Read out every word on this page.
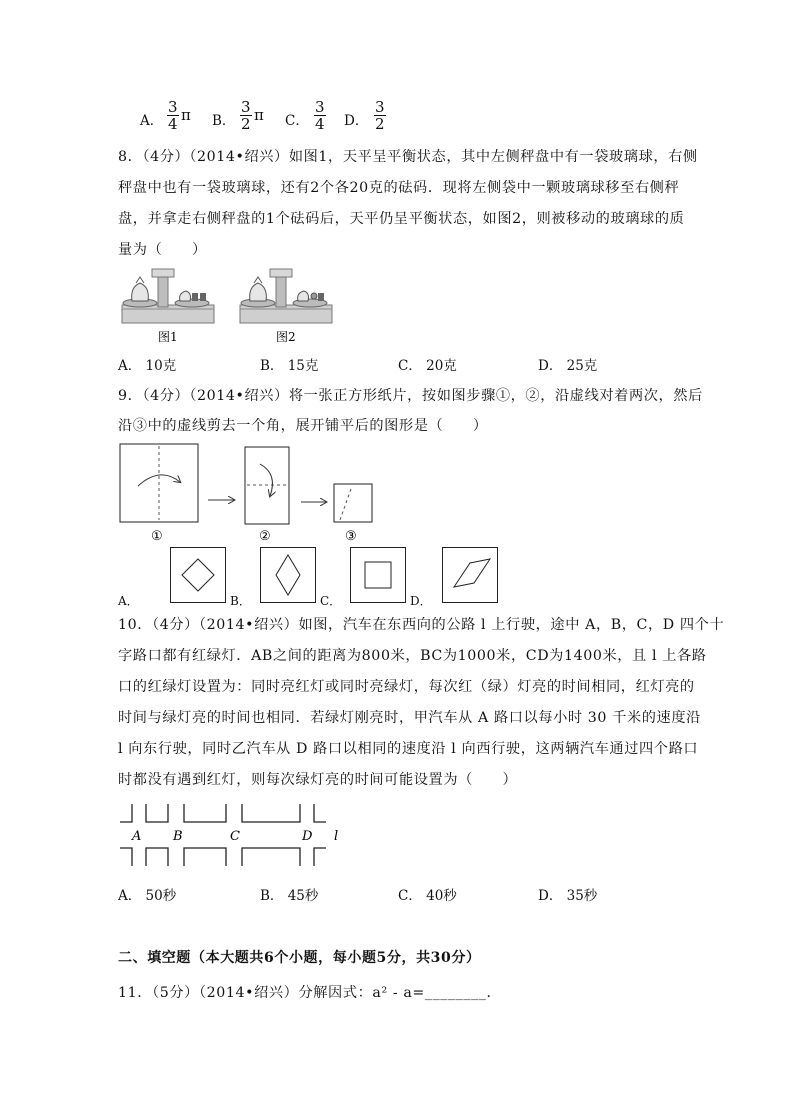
A． $\frac{3}{4}$ π B． $\frac{3}{2}$ π C． $\frac{3}{4}$ D． $\frac{3}{2}$
8．（4分）（2014•绍兴）如图1，天平呈平衡状态，其中左侧秤盘中有一袋玻璃球，右侧
秤盘中也有一袋玻璃球，还有2个各20克的砝码．现将左侧袋中一颗玻璃球移至右侧秤
盘，并拿走右侧秤盘的1个砝码后，天平仍呈平衡状态，如图2，则被移动的玻璃球的质
量为（　　）
图1	图2
A． 10克	B． 15克	C． 20克	D． 25克
9．（4分）（2014•绍兴）将一张正方形纸片，按如图步骤①，②，沿虚线对着两次，然后
沿③中的虚线剪去一个角，展开铺平后的图形是（　　）
①	②	③
A．	B．	C．	D．
10．（4分）（2014•绍兴）如图，汽车在东西向的公路 l 上行驶，途中 A，B，C，D 四个十
字路口都有红绿灯．AB之间的距离为800米，BC为1000米，CD为1400米，且 l 上各路
口的红绿灯设置为：同时亮红灯或同时亮绿灯，每次红（绿）灯亮的时间相同，红灯亮的
时间与绿灯亮的时间也相同．若绿灯刚亮时，甲汽车从 A 路口以每小时 30 千米的速度沿
l 向东行驶，同时乙汽车从 D 路口以相同的速度沿 l 向西行驶，这两辆汽车通过四个路口
时都没有遇到红灯，则每次绿灯亮的时间可能设置为（　　）
A B	C	D l
A． 50秒	B． 45秒	C． 40秒	D． 35秒
二、填空题（本大题共6个小题，每小题5分，共30分）
11．（5分）（2014•绍兴）分解因式：a² - a=________．
